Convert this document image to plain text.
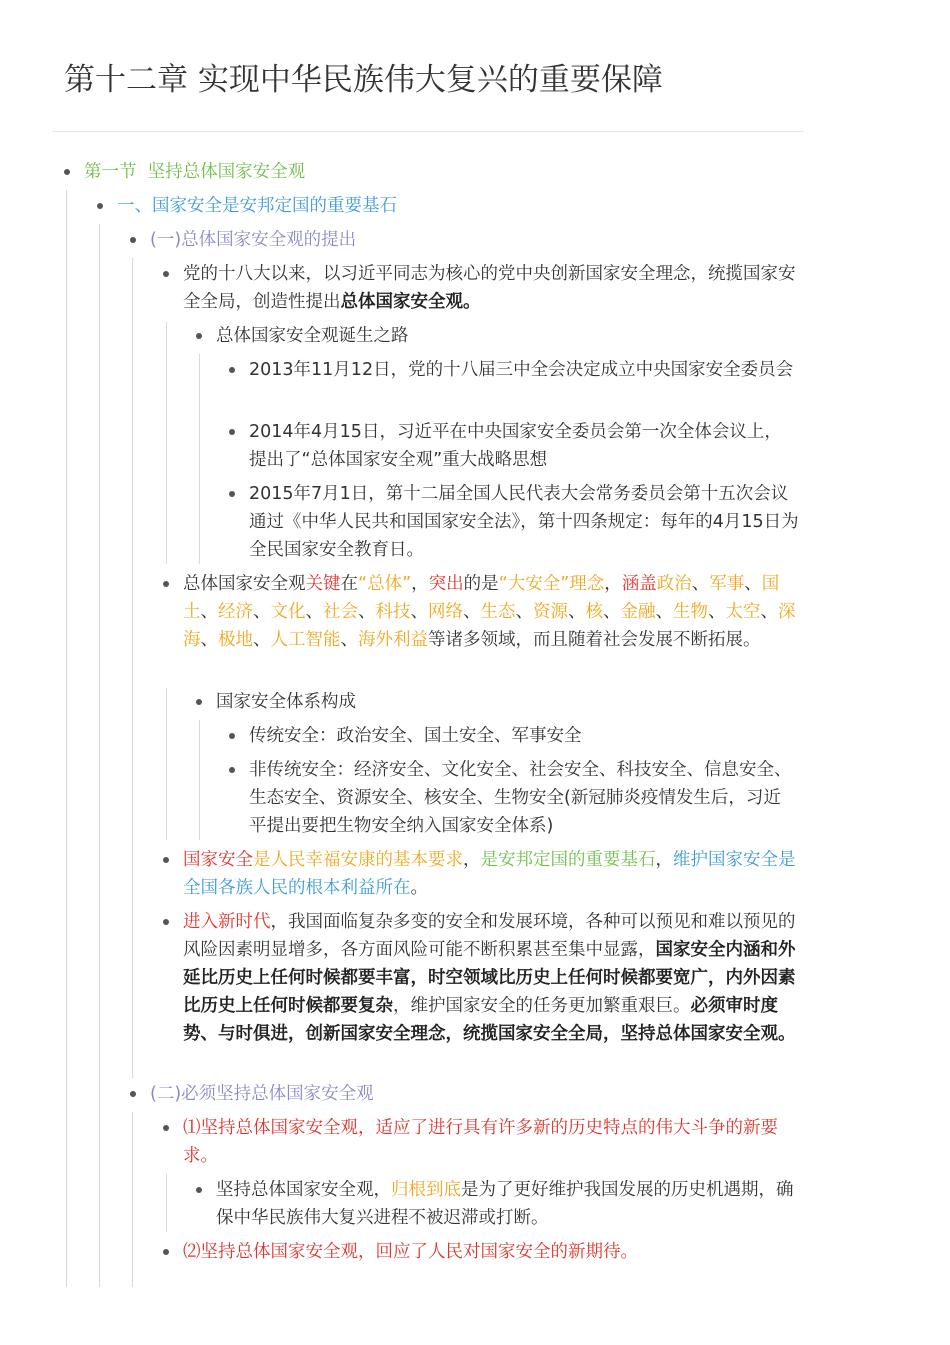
第十二章 实现中华民族伟大复兴的重要保障
第一节  坚持总体国家安全观
一、国家安全是安邦定国的重要基石
(一)总体国家安全观的提出
党的十八大以来，以习近平同志为核心的党中央创新国家安全理念，统揽国家安全全局，创造性提出总体国家安全观。
总体国家安全观诞生之路
2013年11月12日，党的十八届三中全会决定成立中央国家安全委员会
2014年4月15日，习近平在中央国家安全委员会第一次全体会议上，提出了“总体国家安全观”重大战略思想
2015年7月1日，第十二届全国人民代表大会常务委员会第十五次会议通过《中华人民共和国国家安全法》，第十四条规定：每年的4月15日为全民国家安全教育日。
总体国家安全观关键在“总体”，突出的是“大安全”理念，涵盖政治、军事、国土、经济、文化、社会、科技、网络、生态、资源、核、金融、生物、太空、深海、极地、人工智能、海外利益等诸多领域，而且随着社会发展不断拓展。
国家安全体系构成
传统安全：政治安全、国土安全、军事安全
非传统安全：经济安全、文化安全、社会安全、科技安全、信息安全、生态安全、资源安全、核安全、生物安全(新冠肺炎疫情发生后，习近平提出要把生物安全纳入国家安全体系)
国家安全是人民幸福安康的基本要求，是安邦定国的重要基石，维护国家安全是全国各族人民的根本利益所在。
进入新时代，我国面临复杂多变的安全和发展环境，各种可以预见和难以预见的风险因素明显增多，各方面风险可能不断积累甚至集中显露，国家安全内涵和外延比历史上任何时候都要丰富，时空领域比历史上任何时候都要宽广，内外因素比历史上任何时候都要复杂，维护国家安全的任务更加繁重艰巨。必须审时度势、与时俱进，创新国家安全理念，统揽国家安全全局，坚持总体国家安全观。
(二)必须坚持总体国家安全观
⑴坚持总体国家安全观，适应了进行具有许多新的历史特点的伟大斗争的新要求。
坚持总体国家安全观，归根到底是为了更好维护我国发展的历史机遇期，确保中华民族伟大复兴进程不被迟滞或打断。
⑵坚持总体国家安全观，回应了人民对国家安全的新期待。
